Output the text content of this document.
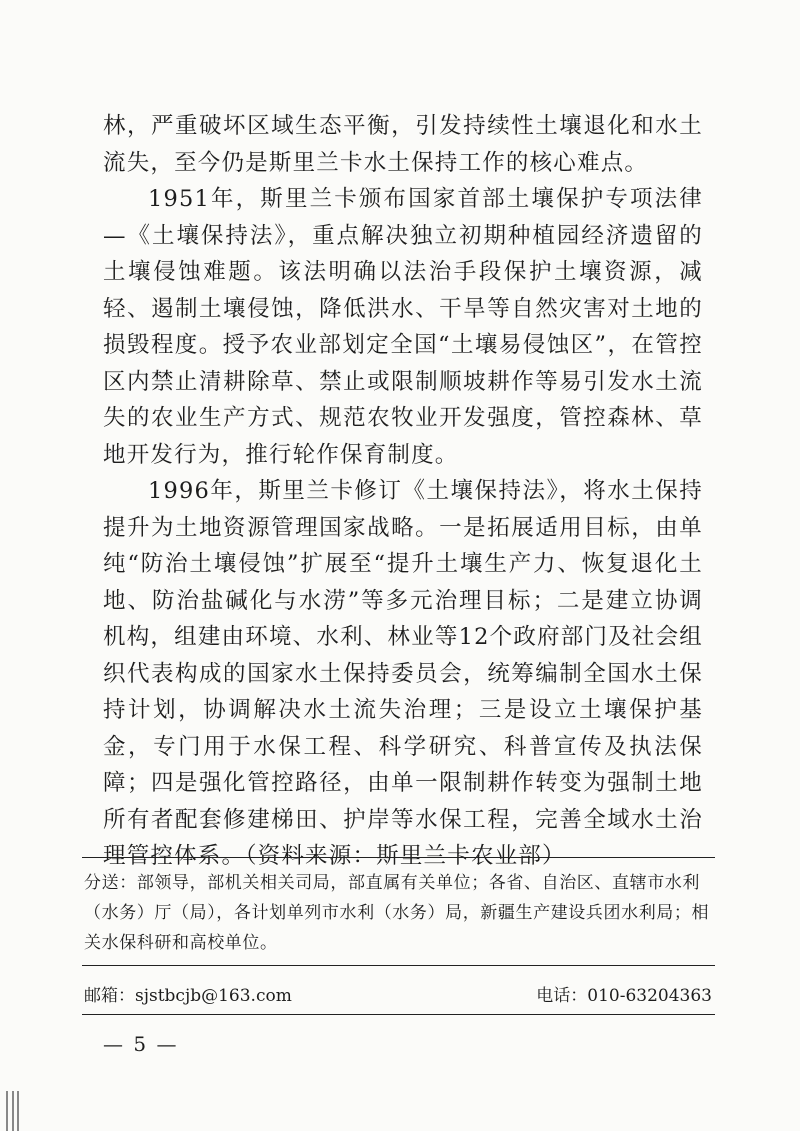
林，严重破坏区域生态平衡，引发持续性土壤退化和水土流失，至今仍是斯里兰卡水土保持工作的核心难点。

1951年，斯里兰卡颁布国家首部土壤保护专项法律—《土壤保持法》，重点解决独立初期种植园经济遗留的土壤侵蚀难题。该法明确以法治手段保护土壤资源，减轻、遏制土壤侵蚀，降低洪水、干旱等自然灾害对土地的损毁程度。授予农业部划定全国“土壤易侵蚀区”，在管控区内禁止清耕除草、禁止或限制顺坡耕作等易引发水土流失的农业生产方式、规范农牧业开发强度，管控森林、草地开发行为，推行轮作保育制度。

1996年，斯里兰卡修订《土壤保持法》，将水土保持提升为土地资源管理国家战略。一是拓展适用目标，由单纯“防治土壤侵蚀”扩展至“提升土壤生产力、恢复退化土地、防治盐碱化与水涝”等多元治理目标；二是建立协调机构，组建由环境、水利、林业等12个政府部门及社会组织代表构成的国家水土保持委员会，统筹编制全国水土保持计划，协调解决水土流失治理；三是设立土壤保护基金，专门用于水保工程、科学研究、科普宣传及执法保障；四是强化管控路径，由单一限制耕作转变为强制土地所有者配套修建梯田、护岸等水保工程，完善全域水土治理管控体系。（资料来源：斯里兰卡农业部）

分送：部领导，部机关相关司局，部直属有关单位；各省、自治区、直辖市水利（水务）厅（局），各计划单列市水利（水务）局，新疆生产建设兵团水利局；相关水保科研和高校单位。
邮箱：sjstbcjb@163.com	电话：010-63204363
— 5 —
